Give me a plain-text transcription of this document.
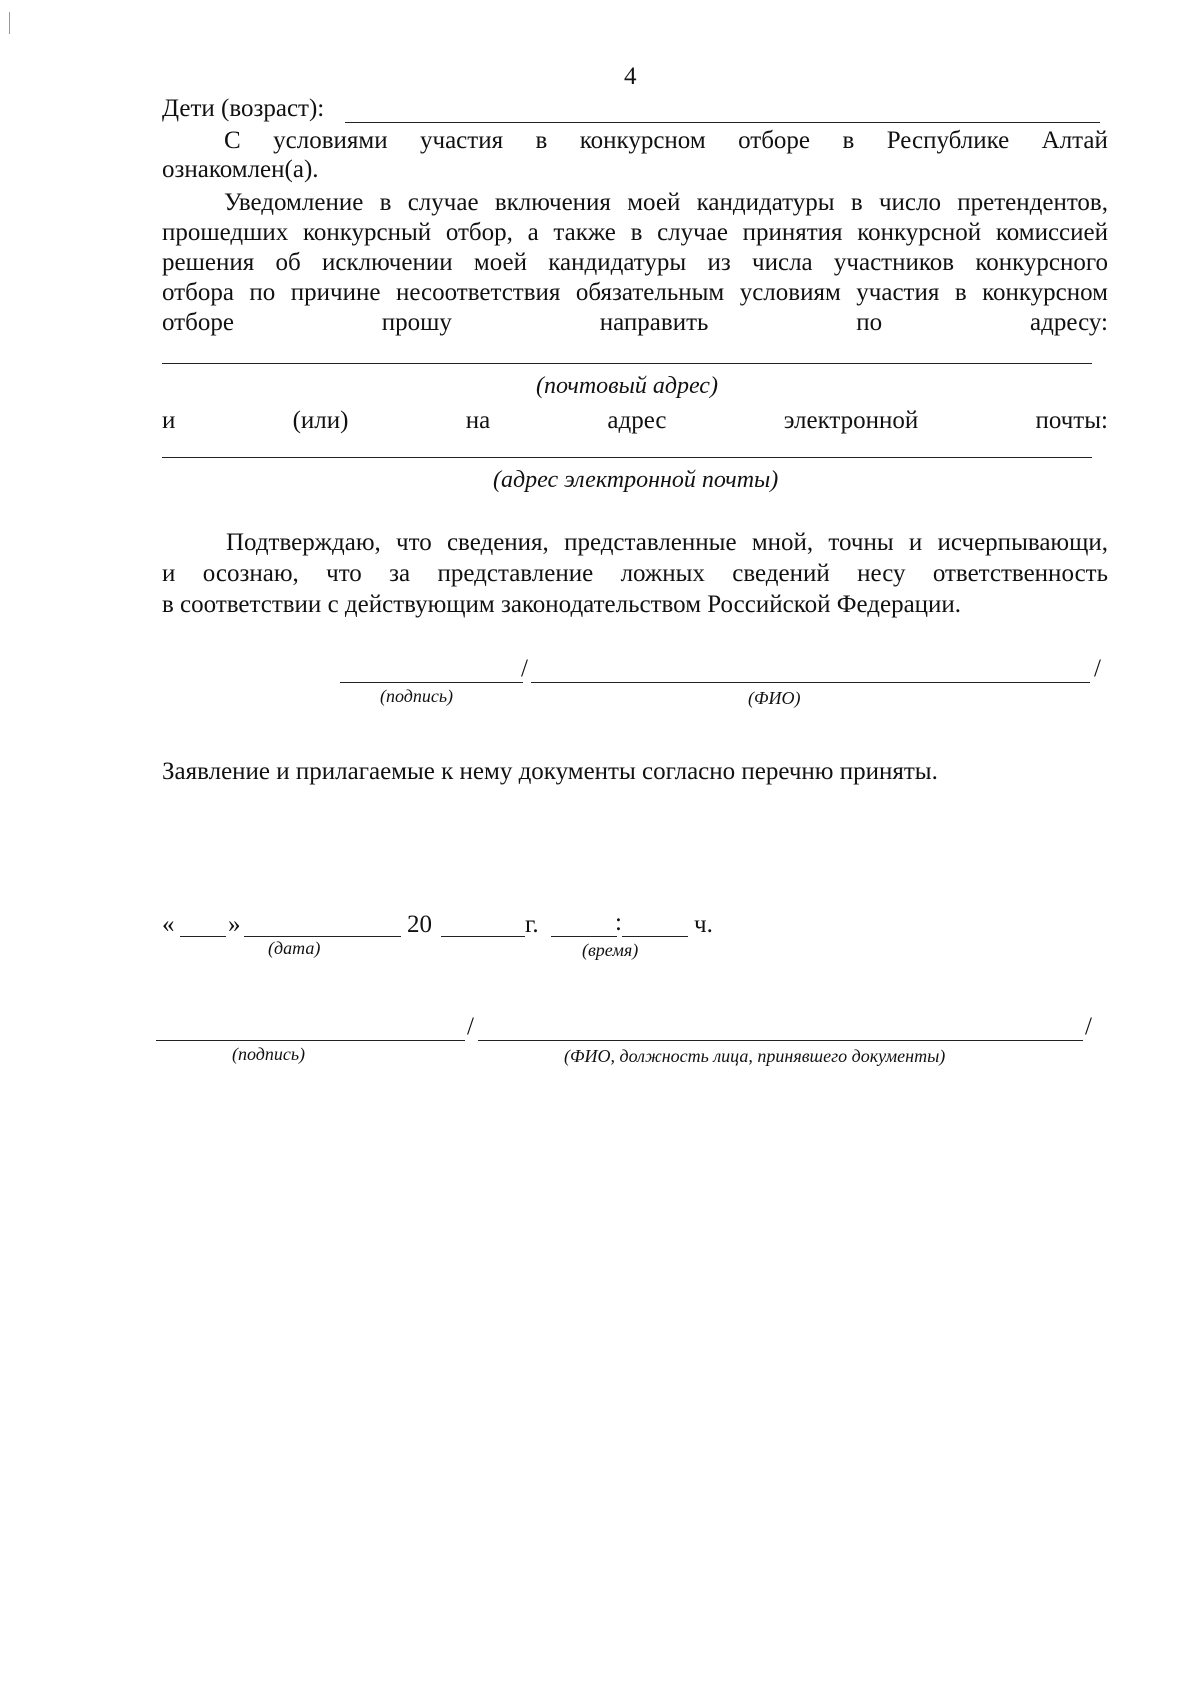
4
Дети (возраст):
С условиями участия в конкурсном отборе в Республике Алтай
ознакомлен(а).
Уведомление в случае включения моей кандидатуры в число претендентов,
прошедших конкурсный отбор, а также в случае принятия конкурсной комиссией
решения об исключении моей кандидатуры из числа участников конкурсного
отбора по причине несоответствия обязательным условиям участия в конкурсном
отборе	прошу	направить	по	адресу:
(почтовый адрес)
и	(или)	на	адрес	электронной	почты:
(адрес электронной почты)
Подтверждаю, что сведения, представленные мной, точны и исчерпывающи,
и осознаю, что за представление ложных сведений несу ответственность
в соответствии с действующим законодательством Российской Федерации.
/	/
(подпись)	(ФИО)
Заявление и прилагаемые к нему документы согласно перечню приняты.
« »	20	г.	:	ч.
(дата)	(время)
/	/
(подпись)	(ФИО, должность лица, принявшего документы)
